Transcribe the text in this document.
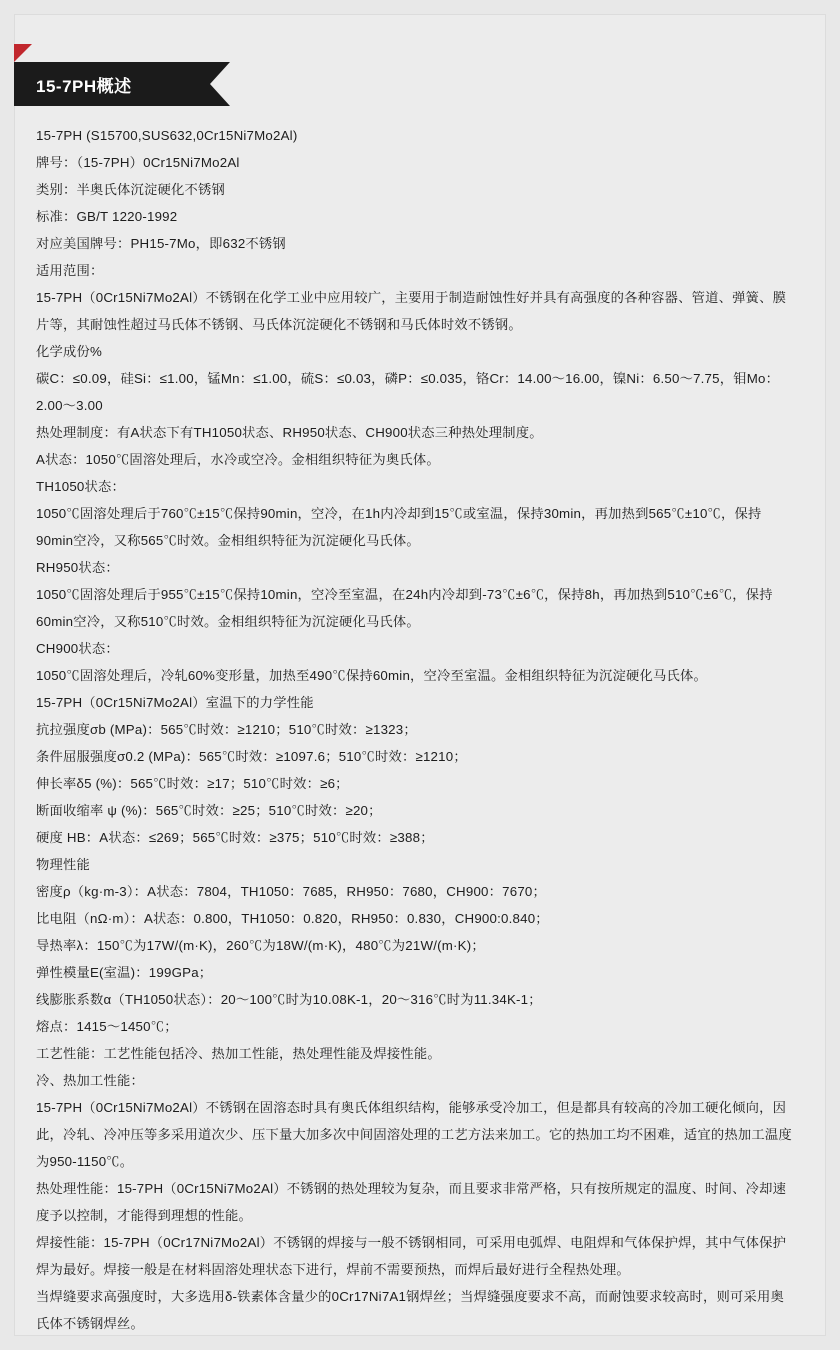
15-7PH概述
15-7PH (S15700,SUS632,0Cr15Ni7Mo2Al)
牌号：（15-7PH）0Cr15Ni7Mo2Al
类别：半奥氏体沉淀硬化不锈钢
标准：GB/T 1220-1992
对应美国牌号：PH15-7Mo，即632不锈钢
适用范围：
15-7PH（0Cr15Ni7Mo2Al）不锈钢在化学工业中应用较广，主要用于制造耐蚀性好并具有高强度的各种容器、管道、弹簧、膜片等，其耐蚀性超过马氏体不锈钢、马氏体沉淀硬化不锈钢和马氏体时效不锈钢。
化学成份%
碳C：≤0.09，硅Si：≤1.00，锰Mn：≤1.00，硫S：≤0.03，磷P：≤0.035，铬Cr：14.00～16.00，镍Ni：6.50～7.75，钼Mo：2.00～3.00
热处理制度：有A状态下有TH1050状态、RH950状态、CH900状态三种热处理制度。
A状态：1050℃固溶处理后，水冷或空冷。金相组织特征为奥氏体。
TH1050状态：
1050℃固溶处理后于760℃±15℃保持90min，空冷，在1h内冷却到15℃或室温，保持30min，再加热到565℃±10℃，保持90min空冷，又称565℃时效。金相组织特征为沉淀硬化马氏体。
RH950状态：
1050℃固溶处理后于955℃±15℃保持10min，空冷至室温，在24h内冷却到-73℃±6℃，保持8h，再加热到510℃±6℃，保持60min空冷，又称510℃时效。金相组织特征为沉淀硬化马氏体。
CH900状态：
1050℃固溶处理后，冷轧60%变形量，加热至490℃保持60min，空冷至室温。金相组织特征为沉淀硬化马氏体。
15-7PH（0Cr15Ni7Mo2Al）室温下的力学性能
抗拉强度σb (MPa)：565℃时效：≥1210；510℃时效：≥1323；
条件屈服强度σ0.2 (MPa)：565℃时效：≥1097.6；510℃时效：≥1210；
伸长率δ5 (%)：565℃时效：≥17；510℃时效：≥6；
断面收缩率 ψ (%)：565℃时效：≥25；510℃时效：≥20；
硬度 HB：A状态：≤269；565℃时效：≥375；510℃时效：≥388；
物理性能
密度ρ（kg·m-3）：A状态：7804，TH1050：7685，RH950：7680，CH900：7670；
比电阻（nΩ·m）：A状态：0.800，TH1050：0.820，RH950：0.830，CH900:0.840；
导热率λ：150℃为17W/(m·K)，260℃为18W/(m·K)，480℃为21W/(m·K)；
弹性模量E(室温)：199GPa；
线膨胀系数α（TH1050状态）：20～100℃时为10.08K-1，20～316℃时为11.34K-1；
熔点：1415～1450℃；
工艺性能：工艺性能包括冷、热加工性能，热处理性能及焊接性能。
冷、热加工性能：
15-7PH（0Cr15Ni7Mo2Al）不锈钢在固溶态时具有奥氏体组织结构，能够承受冷加工，但是都具有较高的冷加工硬化倾向，因此，冷轧、冷冲压等多采用道次少、压下量大加多次中间固溶处理的工艺方法来加工。它的热加工均不困难，适宜的热加工温度为950-1150℃。
热处理性能：15-7PH（0Cr15Ni7Mo2Al）不锈钢的热处理较为复杂，而且要求非常严格，只有按所规定的温度、时间、冷却速度予以控制，才能得到理想的性能。
焊接性能：15-7PH（0Cr17Ni7Mo2Al）不锈钢的焊接与一般不锈钢相同，可采用电弧焊、电阻焊和气体保护焊，其中气体保护焊为最好。焊接一般是在材料固溶处理状态下进行，焊前不需要预热，而焊后最好进行全程热处理。
当焊缝要求高强度时，大多选用δ-铁素体含量少的0Cr17Ni7A1钢焊丝；当焊缝强度要求不高，而耐蚀要求较高时，则可采用奥氏体不锈钢焊丝。
